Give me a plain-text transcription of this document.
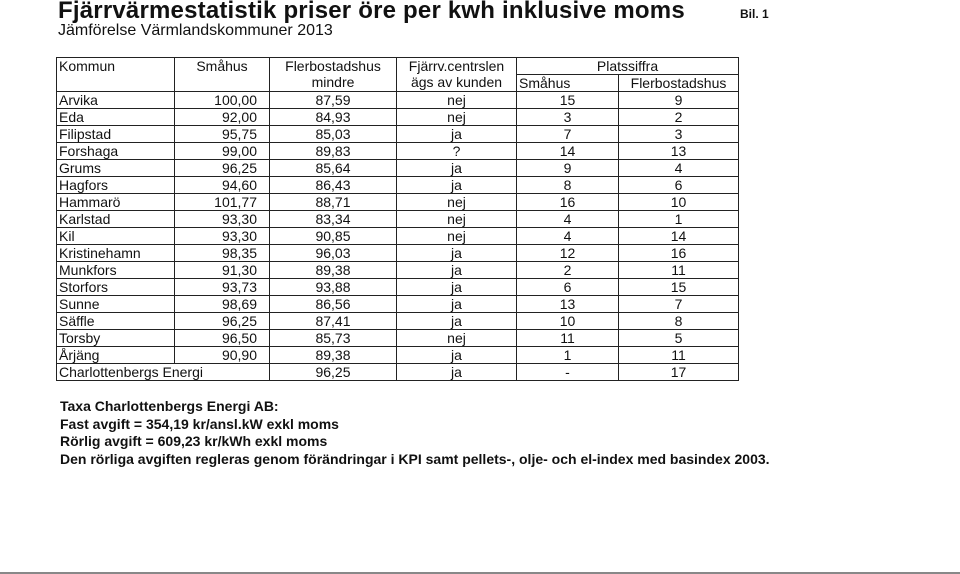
Fjärrvärmestatistik priser öre per kwh inklusive moms
Jämförelse Värmlandskommuner 2013
Bil. 1
Kommun	Småhus	Flerbostadshus	Fjärrv.centrslen	Platssiffra	
		mindre	ägs av kunden	Småhus	Flerbostadshus
Arvika	100,00	87,59	nej	15	9
Eda	92,00	84,93	nej	3	2
Filipstad	95,75	85,03	ja	7	3
Forshaga	99,00	89,83	?	14	13
Grums	96,25	85,64	ja	9	4
Hagfors	94,60	86,43	ja	8	6
Hammarö	101,77	88,71	nej	16	10
Karlstad	93,30	83,34	nej	4	1
Kil	93,30	90,85	nej	4	14
Kristinehamn	98,35	96,03	ja	12	16
Munkfors	91,30	89,38	ja	2	11
Storfors	93,73	93,88	ja	6	15
Sunne	98,69	86,56	ja	13	7
Säffle	96,25	87,41	ja	10	8
Torsby	96,50	85,73	nej	11	5
Årjäng	90,90	89,38	ja	1	11
Charlottenbergs Energi		96,25	ja	-	17
Taxa Charlottenbergs Energi AB:
Fast avgift = 354,19 kr/ansl.kW exkl moms
Rörlig avgift = 609,23 kr/kWh exkl moms
Den rörliga avgiften regleras genom förändringar i KPI samt pellets-, olje- och el-index med basindex 2003.
